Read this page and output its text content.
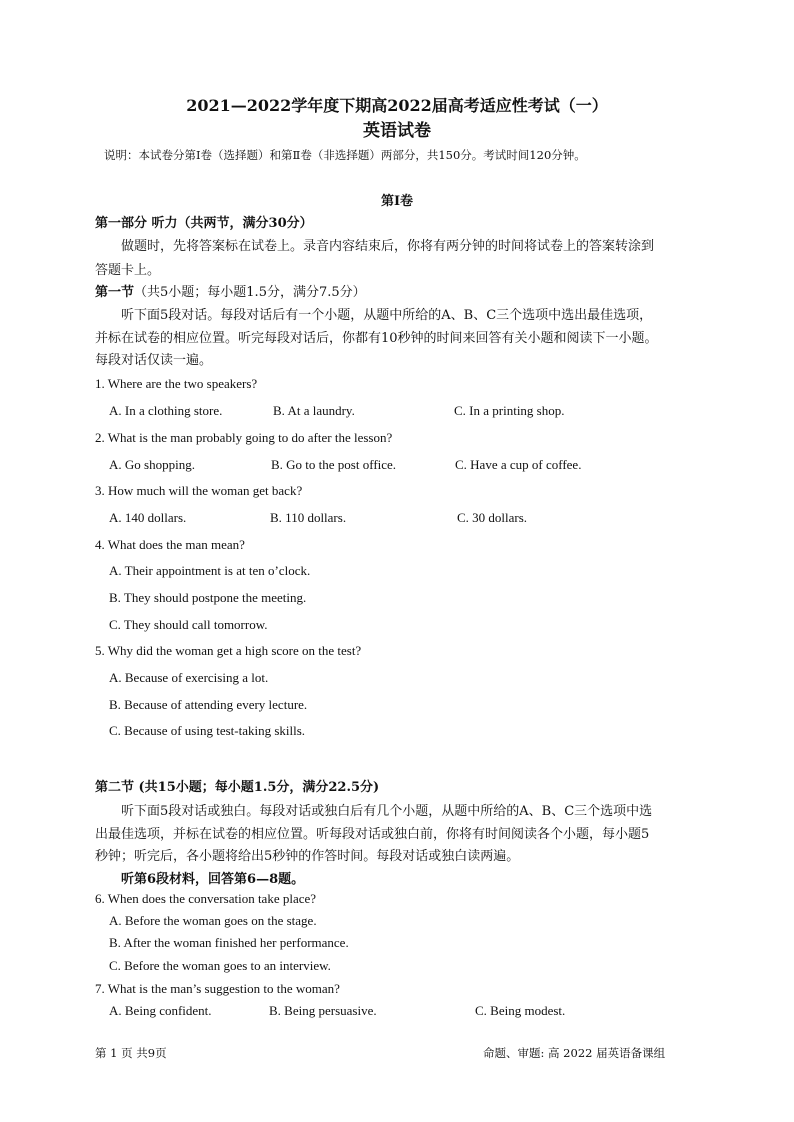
2021—2022学年度下期高2022届高考适应性考试（一）
英语试卷
说明：本试卷分第Ⅰ卷（选择题）和第Ⅱ卷（非选择题）两部分，共150分。考试时间120分钟。
第Ⅰ卷
第一部分 听力（共两节，满分30分）
做题时，先将答案标在试卷上。录音内容结束后，你将有两分钟的时间将试卷上的答案转涂到
答题卡上。
第一节（共5小题；每小题1.5分，满分7.5分）
听下面5段对话。每段对话后有一个小题，从题中所给的A、B、C三个选项中选出最佳选项，
并标在试卷的相应位置。听完每段对话后，你都有10秒钟的时间来回答有关小题和阅读下一小题。
每段对话仅读一遍。
1. Where are the two speakers?
A. In a clothing store.	B. At a laundry.	C. In a printing shop.
2. What is the man probably going to do after the lesson?
A. Go shopping.	B. Go to the post office.	C. Have a cup of coffee.
3. How much will the woman get back?
A. 140 dollars.	B. 110 dollars.	C. 30 dollars.
4. What does the man mean?
A. Their appointment is at ten o’clock.
B. They should postpone the meeting.
C. They should call tomorrow.
5. Why did the woman get a high score on the test?
A. Because of exercising a lot.
B. Because of attending every lecture.
C. Because of using test-taking skills.
第二节 (共15小题；每小题1.5分，满分22.5分)
听下面5段对话或独白。每段对话或独白后有几个小题，从题中所给的A、B、C三个选项中选
出最佳选项，并标在试卷的相应位置。听每段对话或独白前，你将有时间阅读各个小题，每小题5
秒钟；听完后，各小题将给出5秒钟的作答时间。每段对话或独白读两遍。
听第6段材料，回答第6—8题。
6. When does the conversation take place?
A. Before the woman goes on the stage.
B. After the woman finished her performance.
C. Before the woman goes to an interview.
7. What is the man’s suggestion to the woman?
A. Being confident.	B. Being persuasive.	C. Being modest.
第 1 页 共9页	命题、审题: 高 2022 届英语备课组
